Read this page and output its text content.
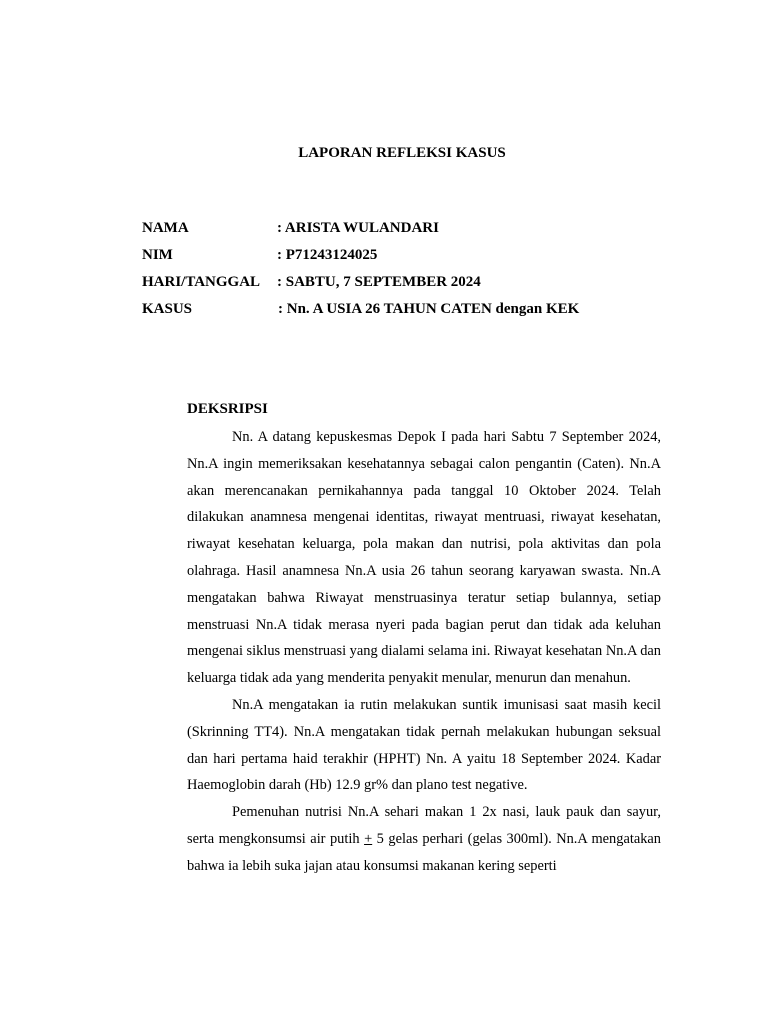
LAPORAN REFLEKSI KASUS
NAMA	: ARISTA WULANDARI
NIM	: P71243124025
HARI/TANGGAL : SABTU, 7 SEPTEMBER 2024
KASUS	: Nn. A USIA 26 TAHUN CATEN dengan KEK
DEKSRIPSI

Nn. A datang kepuskesmas Depok I pada hari Sabtu 7 September 2024, Nn.A ingin memeriksakan kesehatannya sebagai calon pengantin (Caten). Nn.A akan merencanakan pernikahannya pada tanggal 10 Oktober 2024. Telah dilakukan anamnesa mengenai identitas, riwayat mentruasi, riwayat kesehatan, riwayat kesehatan keluarga, pola makan dan nutrisi, pola aktivitas dan pola olahraga. Hasil anamnesa Nn.A usia 26 tahun seorang karyawan swasta. Nn.A mengatakan bahwa Riwayat menstruasinya teratur setiap bulannya, setiap menstruasi Nn.A tidak merasa nyeri pada bagian perut dan tidak ada keluhan mengenai siklus menstruasi yang dialami selama ini. Riwayat kesehatan Nn.A dan keluarga tidak ada yang menderita penyakit menular, menurun dan menahun.

Nn.A mengatakan ia rutin melakukan suntik imunisasi saat masih kecil (Skrinning TT4). Nn.A mengatakan tidak pernah melakukan hubungan seksual dan hari pertama haid terakhir (HPHT) Nn. A yaitu 18 September 2024. Kadar Haemoglobin darah (Hb) 12.9 gr% dan plano test negative.

Pemenuhan nutrisi Nn.A sehari makan 1 2x nasi, lauk pauk dan sayur, serta mengkonsumsi air putih + 5 gelas perhari (gelas 300ml). Nn.A mengatakan bahwa ia lebih suka jajan atau konsumsi makanan kering seperti
